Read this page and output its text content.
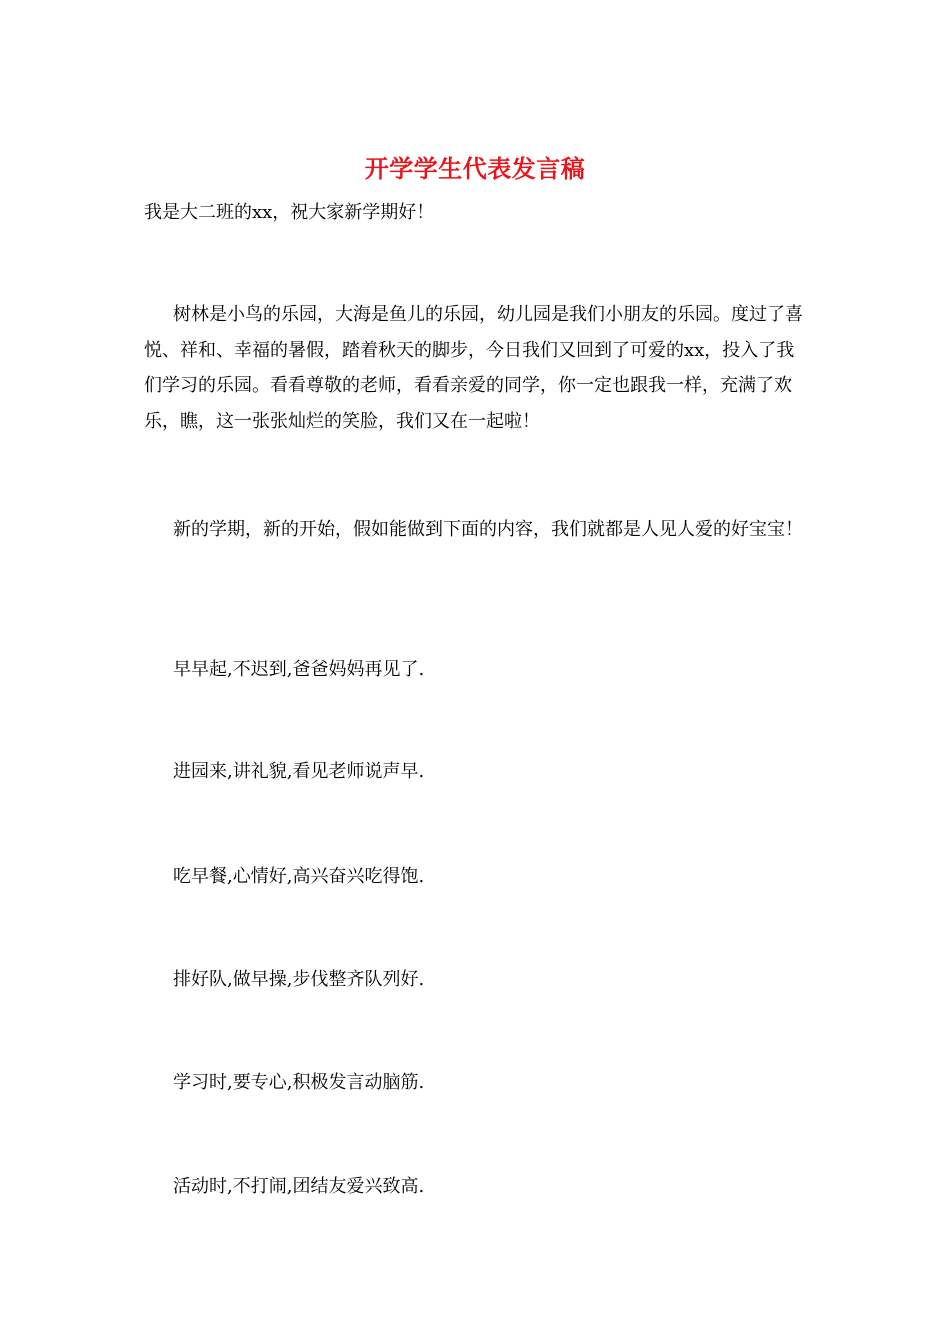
开学学生代表发言稿

我是大二班的xx，祝大家新学期好！

树林是小鸟的乐园，大海是鱼儿的乐园，幼儿园是我们小朋友的乐园。度过了喜悦、祥和、幸福的暑假，踏着秋天的脚步，今日我们又回到了可爱的xx，投入了我们学习的乐园。看看尊敬的老师，看看亲爱的同学，你一定也跟我一样，充满了欢乐，瞧，这一张张灿烂的笑脸，我们又在一起啦！

新的学期，新的开始，假如能做到下面的内容，我们就都是人见人爱的好宝宝！

早早起,不迟到,爸爸妈妈再见了.
进园来,讲礼貌,看见老师说声早.
吃早餐,心情好,高兴奋兴吃得饱.
排好队,做早操,步伐整齐队列好.
学习时,要专心,积极发言动脑筋.
活动时,不打闹,团结友爱兴致高.
